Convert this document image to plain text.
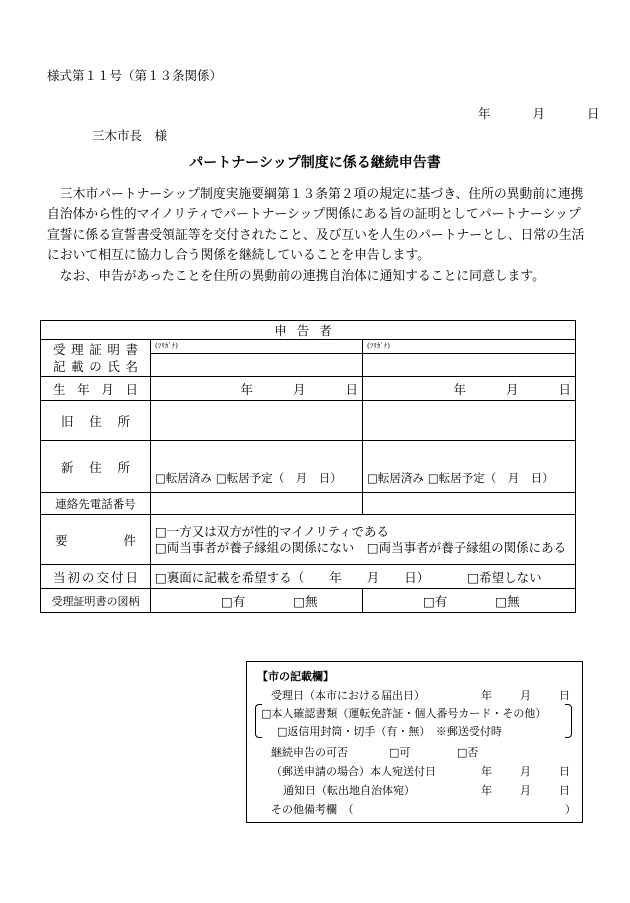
様式第１１号（第１３条関係）
年	月	日
三木市長　様
パートナーシップ制度に係る継続申告書

　三木市パートナーシップ制度実施要綱第１３条第２項の規定に基づき、住所の異動前に連携自治体から性的マイノリティでパートナーシップ関係にある旨の証明としてパートナーシップ宣誓に係る宣誓書受領証等を交付されたこと、及び互いを人生のパートナーとし、日常の生活において相互に協力し合う関係を継続していることを申告します。

　なお、申告があったことを住所の異動前の連携自治体に通知することに同意します。

申告者		
受理証明書
記載の氏名	(ﾌﾘｶﾞﾅ)	(ﾌﾘｶﾞﾅ)

生年月日	年 月 日	年 月 日
旧住所		
新住所	□転居済み □転居予定（　月　日）	□転居済み □転居予定（　月　日）
連絡先電話番号		
要件	□一方又は双方が性的マイノリティである
□両当事者が養子縁組の関係にない　 □両当事者が養子縁組の関係にある	
当初の交付日	□裏面に記載を希望する（　　年　　月　　日） □希望しない	
受理証明書の図柄	□有 □無	□有 □無
【市の記載欄】
受理日（本市における届出日）	年	月	日
□本人確認書類（運転免許証・個人番号カード・その他）
□返信用封筒・切手（有・無）　※郵送受付時
継続申告の可否	□可	□否
（郵送申請の場合）本人宛送付日	年	月	日
通知日（転出地自治体宛）	年	月	日
その他備考欄　（	）
